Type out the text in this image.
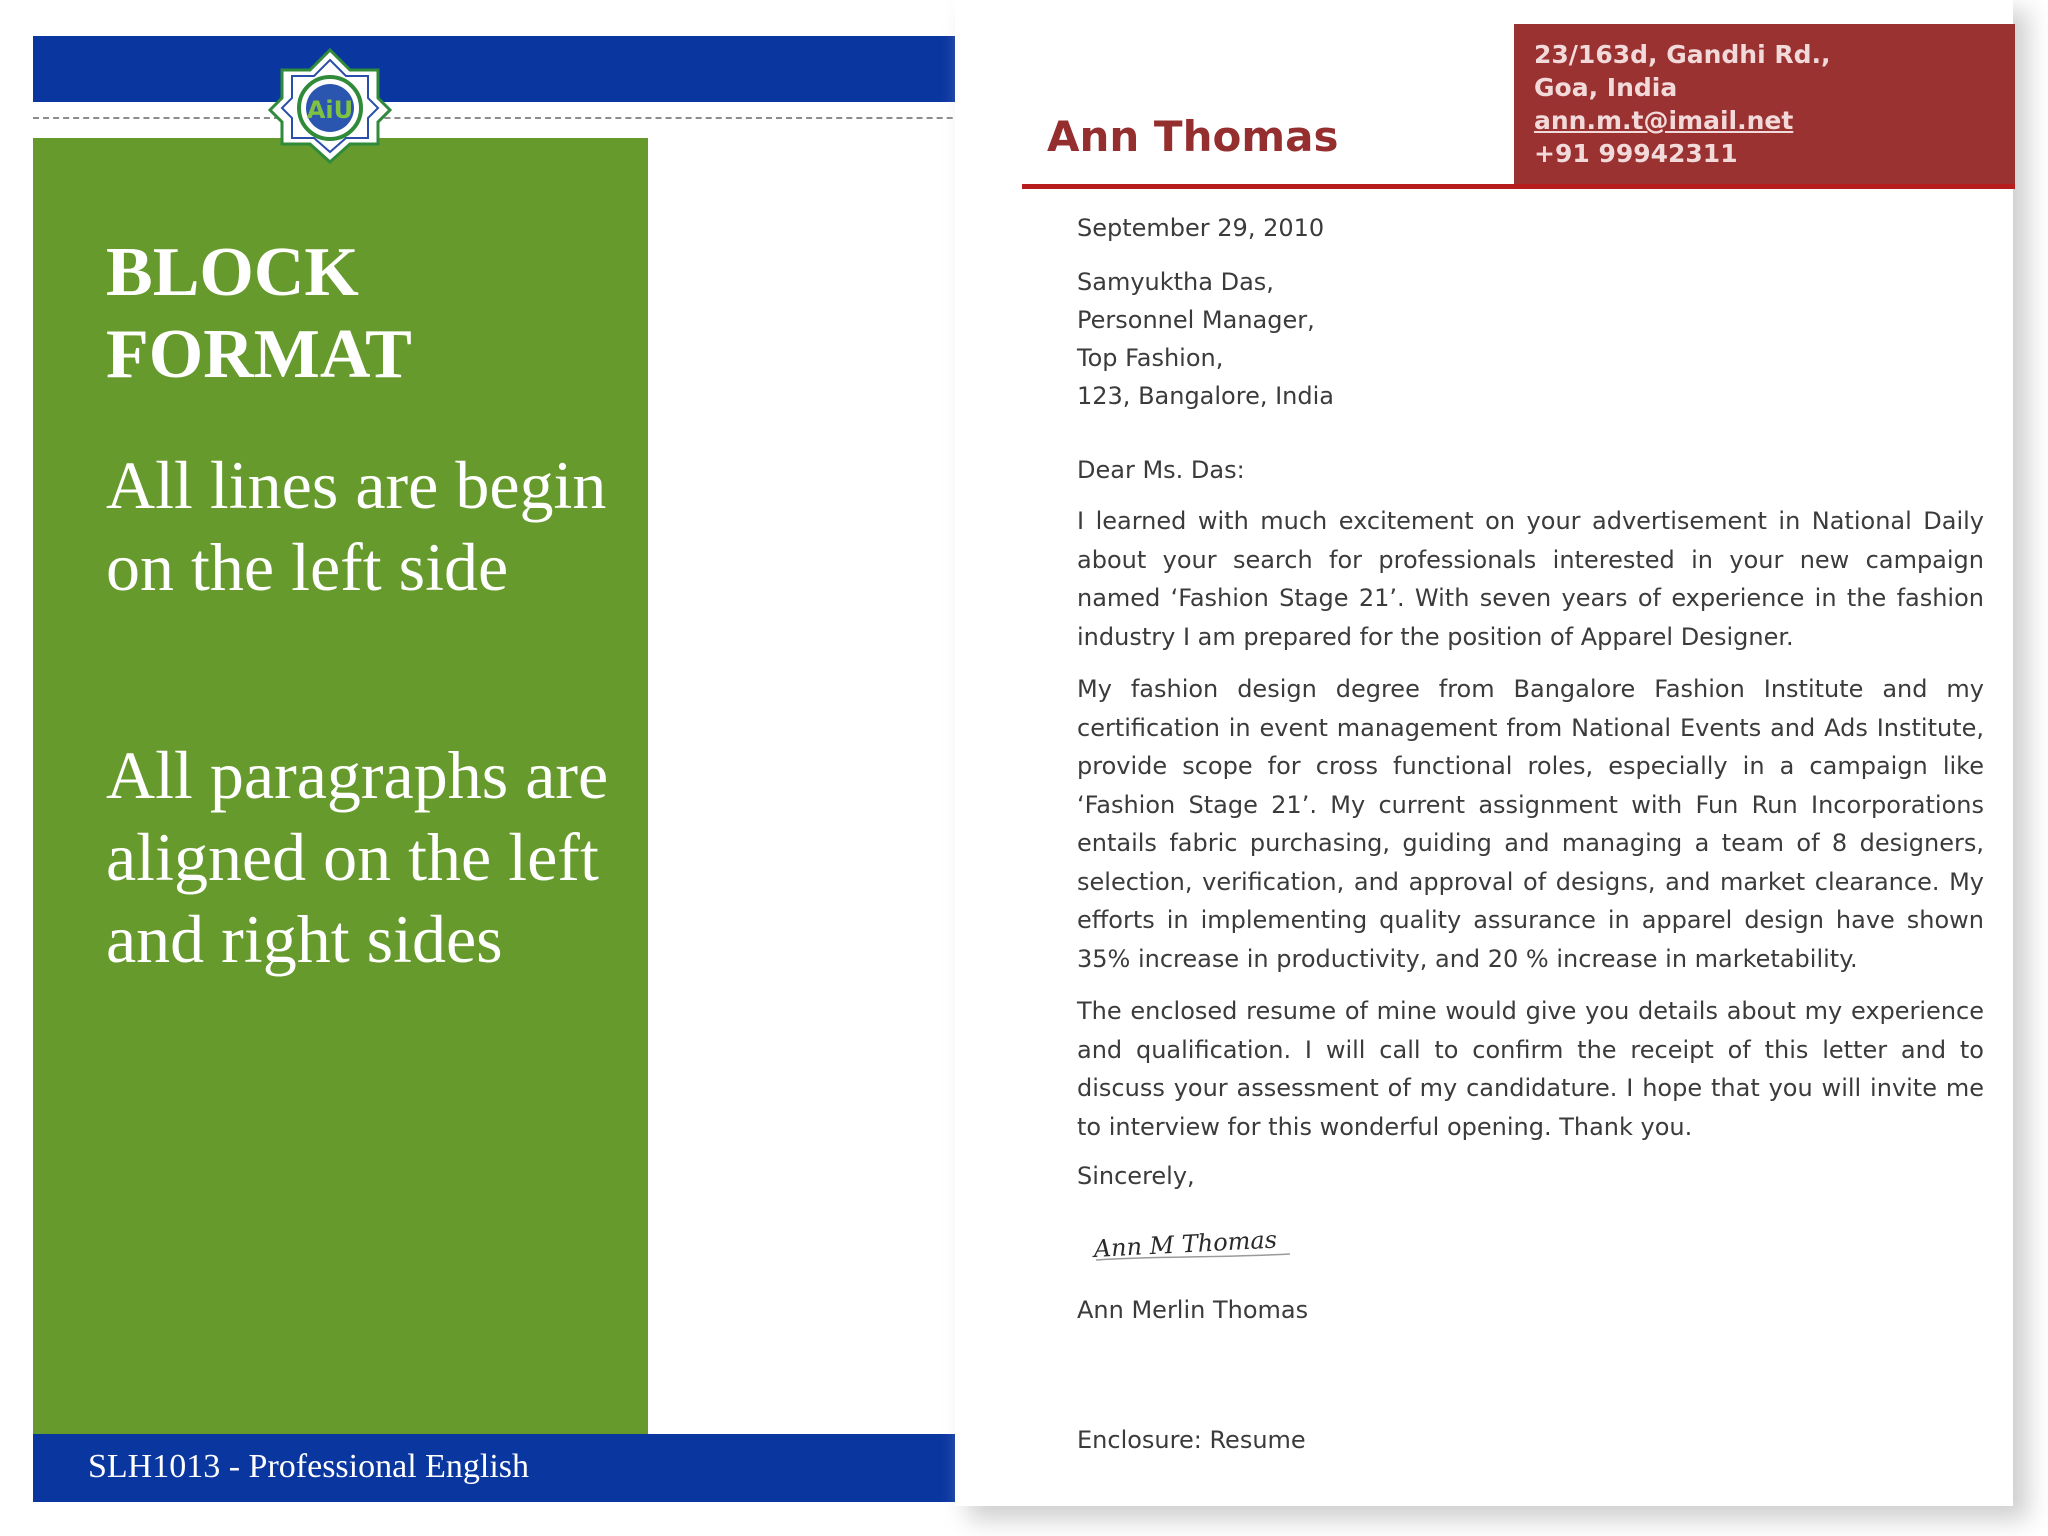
AiU
BLOCK FORMAT

All lines are begin on the left side

All paragraphs are aligned on the left and right sides

SLH1013 - Professional English
Ann Thomas
23/163d, Gandhi Rd.,
Goa, India
ann.m.t@imail.net
+91 99942311
September 29, 2010
Samyuktha Das,
Personnel Manager,
Top Fashion,
123, Bangalore, India
Dear Ms. Das:

I learned with much excitement on your advertisement in National Daily about your search for professionals interested in your new campaign named ‘Fashion Stage 21’. With seven years of experience in the fashion industry I am prepared for the position of Apparel Designer.

My fashion design degree from Bangalore Fashion Institute and my certification in event management from National Events and Ads Institute, provide scope for cross functional roles, especially in a campaign like ‘Fashion Stage 21’. My current assignment with Fun Run Incorporations entails fabric purchasing, guiding and managing a team of 8 designers, selection, verification, and approval of designs, and market clearance. My efforts in implementing quality assurance in apparel design have shown 35% increase in productivity, and 20 % increase in marketability.

The enclosed resume of mine would give you details about my experience and qualification. I will call to confirm the receipt of this letter and to discuss your assessment of my candidature. I hope that you will invite me to interview for this wonderful opening. Thank you.

Sincerely,
Ann M Thomas
Ann Merlin Thomas
Enclosure: Resume
